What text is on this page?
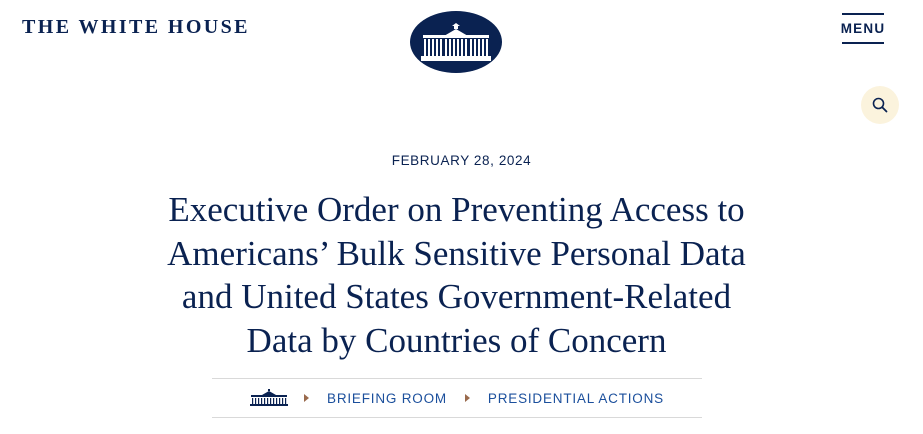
THE WHITE HOUSE	MENU
FEBRUARY 28, 2024
Executive Order on Preventing Access to
Americans’ Bulk Sensitive Personal Data
and United States Government-Related
Data by Countries of Concern
BRIEFING ROOM	PRESIDENTIAL ACTIONS
